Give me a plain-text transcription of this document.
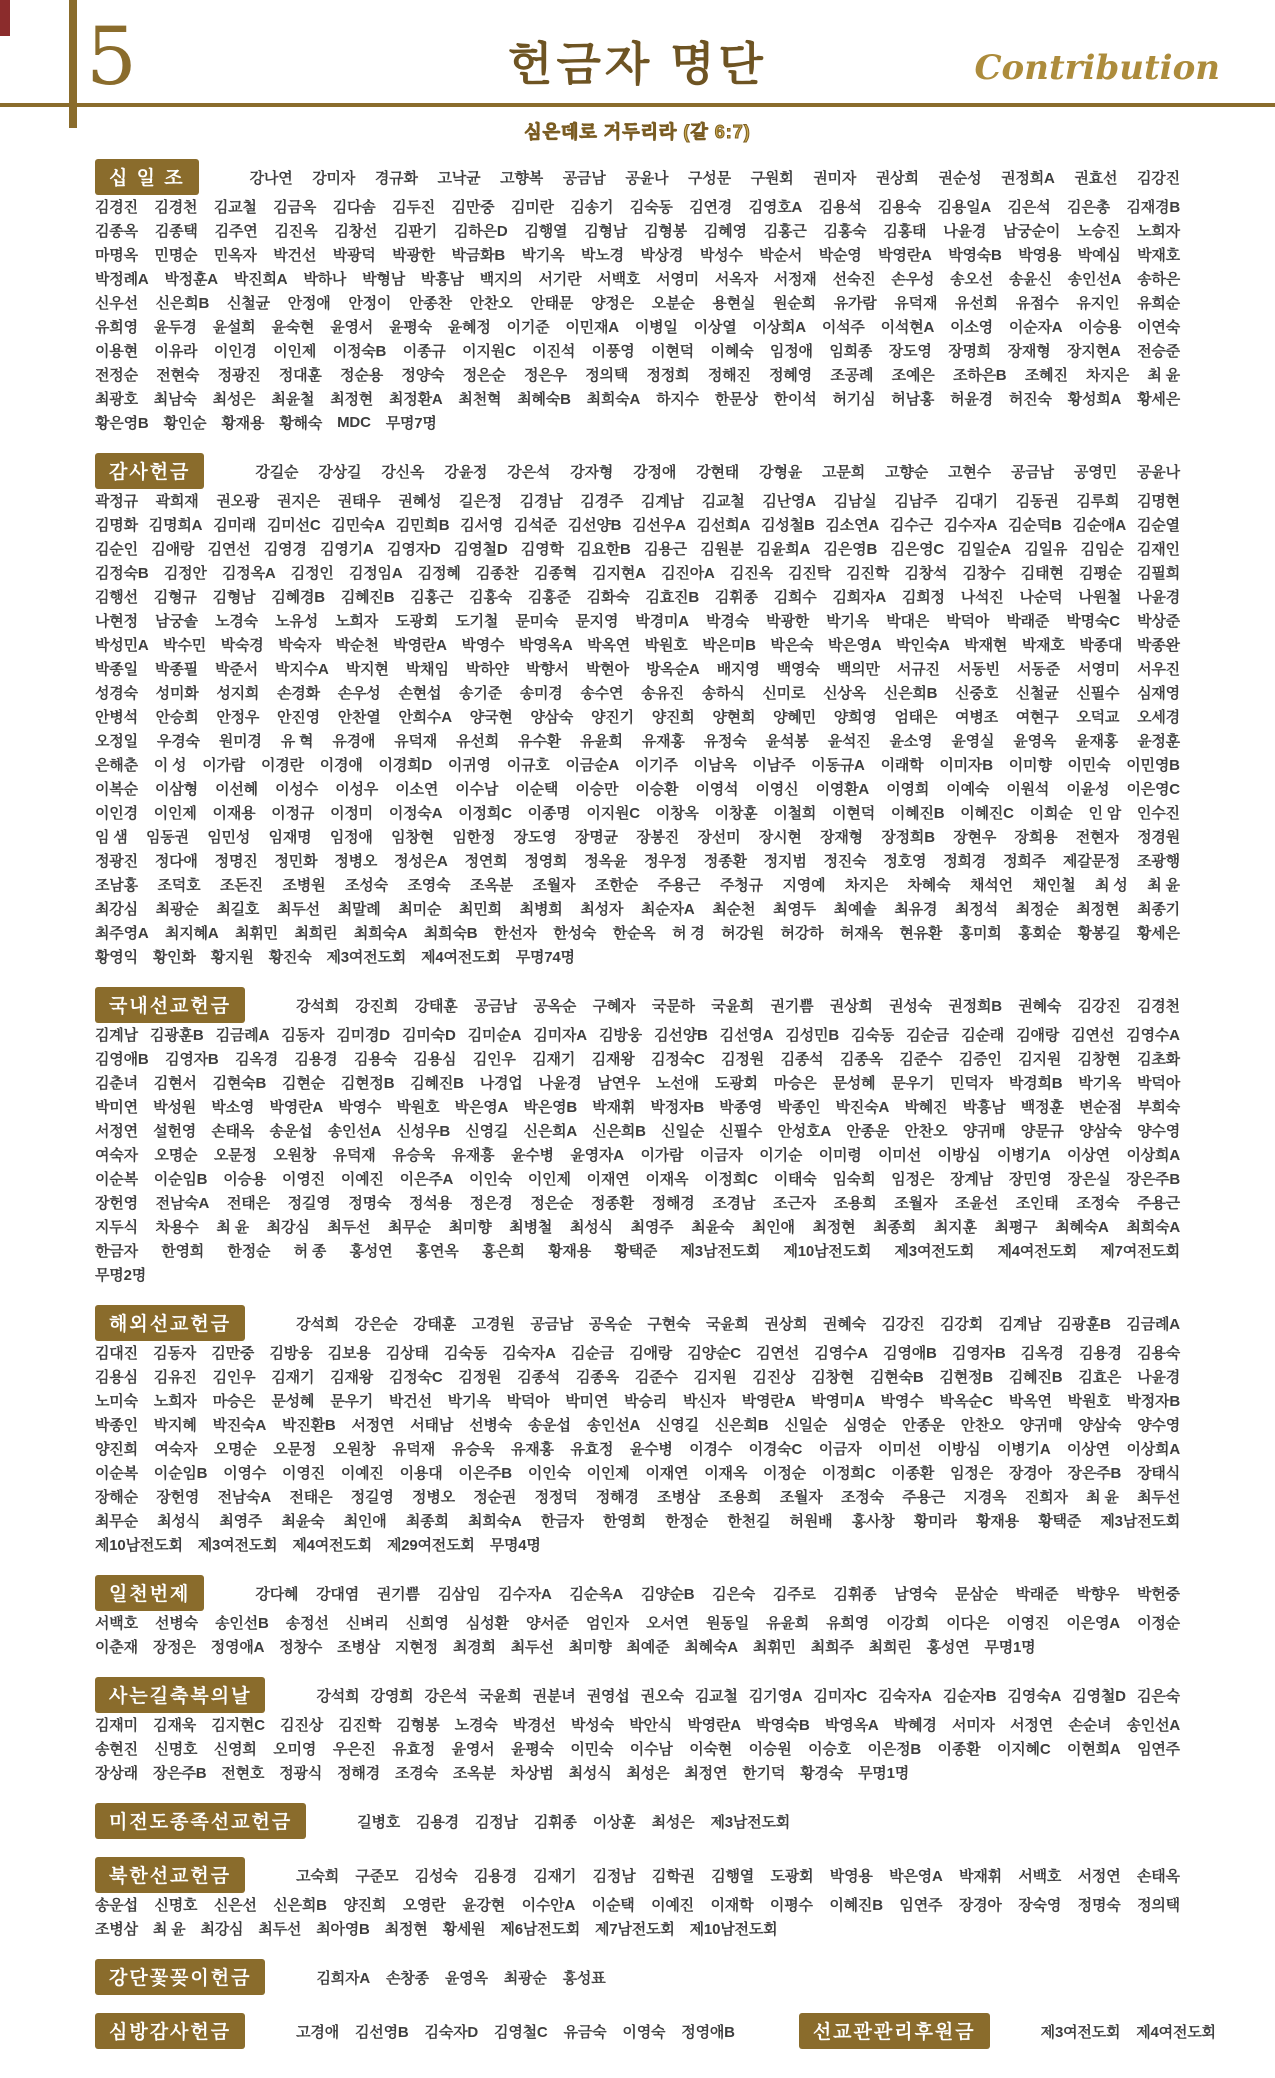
5	헌금자 명단	Contribution
심은데로 거두리라 (갈 6:7)
십 일 조	강나연 강미자 경규화 고낙균 고향복 공금남 공윤나 구성문 구원회 권미자 권상희 권순성 권정희A 권효선 김강진
김경진 김경천 김교철 김금옥 김다솜 김두진 김만중 김미란 김송기 김숙동 김연경 김영호A 김용석 김용숙 김용일A 김은석 김은총 김재경B
김종옥 김종택 김주연 김진옥 김창선 김판기 김하은D 김행열 김형남 김형봉 김혜영 김홍근 김홍숙 김홍태 나윤경 남궁순이 노승진 노희자
마명옥 민명순 민옥자 박건선 박광덕 박광한 박금화B 박기옥 박노경 박상경 박성수 박순서 박순영 박영란A 박영숙B 박영용 박예심 박재호
박정례A 박정훈A 박진희A 박하나 박형남 박흥남 백지의 서기란 서백호 서영미 서옥자 서정재 선숙진 손우성 송오선 송윤신 송인선A 송하은
신우선 신은희B 신철균 안정애 안정이 안종찬 안찬오 안태문 양정은 오분순 용현실 원순희 유가람 유덕재 유선희 유점수 유지인 유희순
유희영 윤두경 윤설희 윤숙현 윤영서 윤평숙 윤혜정 이기준 이민재A 이병일 이상열 이상희A 이석주 이석현A 이소영 이순자A 이승용 이연숙
이용현 이유라 이인경 이인제 이정숙B 이종규 이지원C 이진석 이풍영 이현덕 이혜숙 임정애 임희종 장도영 장명희 장재형 장지현A 전승준
전정순 전현숙 정광진 정대훈 정순용 정양숙 정은순 정은우 정의택 정정희 정해진 정혜영 조공례 조예은 조하은B 조혜진 차지은 최 윤
최광호 최남숙 최성은 최윤철 최정현 최정환A 최천혁 최혜숙B 최희숙A 하지수 한문상 한이석 허기심 허남홍 허윤경 허진숙 황성희A 황세은
황은영B 황인순 황재용 황해숙 MDC 무명7명
감사헌금	강길순 강상길 강신옥 강윤정 강은석 강자형 강정애 강현태 강형윤 고문희 고향순 고현수 공금남 공영민 공윤나
곽정규 곽희재 권오광 권지은 권태우 권혜성 길은정 김경남 김경주 김계남 김교철 김난영A 김남실 김남주 김대기 김동권 김루희 김명현
김명화 김명희A 김미래 김미선C 김민숙A 김민희B 김서영 김석준 김선양B 김선우A 김선희A 김성철B 김소연A 김수근 김수자A 김순덕B 김순애A 김순열
김순인 김애랑 김연선 김영경 김영기A 김영자D 김영철D 김영학 김요한B 김용근 김원분 김윤희A 김은영B 김은영C 김일순A 김일유 김임순 김재인
김정숙B 김정안 김정옥A 김정인 김정임A 김정혜 김종찬 김종혁 김지현A 김진아A 김진옥 김진탁 김진학 김창석 김창수 김태현 김평순 김필희
김행선 김형규 김형남 김혜경B 김혜진B 김홍근 김홍숙 김홍준 김화숙 김효진B 김휘종 김희수 김희자A 김희정 나석진 나순덕 나원철 나윤경
나현정 남궁솔 노경숙 노유성 노희자 도광회 도기철 문미숙 문지영 박경미A 박경숙 박광한 박기옥 박대은 박덕아 박래준 박명숙C 박상준
박성민A 박수민 박숙경 박숙자 박순천 박영란A 박영수 박영옥A 박옥연 박원호 박은미B 박은숙 박은영A 박인숙A 박재현 박재호 박종대 박종완
박종일 박종필 박준서 박지수A 박지현 박채임 박하얀 박향서 박현아 방옥순A 배지영 백영숙 백의만 서규진 서동빈 서동준 서영미 서우진
성경숙 성미화 성지희 손경화 손우성 손현섭 송기준 송미경 송수연 송유진 송하식 신미로 신상옥 신은희B 신중호 신철균 신필수 심재영
안병석 안승희 안정우 안진영 안찬열 안희수A 양국현 양삼숙 양진기 양진희 양현희 양혜민 양희영 엄태은 여병조 여현구 오덕교 오세경
오정일 우경숙 원미경 유 혁 유경애 유덕재 유선희 유수환 유윤희 유재홍 유정숙 윤석봉 윤석진 윤소영 윤영실 윤영옥 윤재홍 윤정훈
은해춘 이 성 이가람 이경란 이경애 이경희D 이귀영 이규호 이금순A 이기주 이남옥 이남주 이동규A 이래학 이미자B 이미향 이민숙 이민영B
이복순 이삼형 이선혜 이성수 이성우 이소연 이수남 이순택 이승만 이승환 이영석 이영신 이영환A 이영희 이예숙 이원석 이윤성 이은영C
이인경 이인제 이재용 이정규 이정미 이정숙A 이정희C 이종명 이지원C 이창옥 이창훈 이철희 이현덕 이혜진B 이혜진C 이희순 인 암 인수진
임 샘 임동권 임민성 임재명 임정애 임창현 임한정 장도영 장명균 장봉진 장선미 장시현 장재형 장정희B 장현우 장희용 전현자 정경원
정광진 정다애 정명진 정민화 정병오 정성은A 정연희 정영희 정옥윤 정우정 정종환 정지범 정진숙 정호영 정희경 정희주 제갈문정 조광행
조남홍 조덕호 조돈진 조병원 조성숙 조영숙 조옥분 조월자 조한순 주용근 주청규 지영예 차지은 차혜숙 채석언 채인철 최 성 최 윤
최강심 최광순 최길호 최두선 최말례 최미순 최민희 최병희 최성자 최순자A 최순천 최영두 최예솔 최유경 최정석 최정순 최정현 최종기
최주영A 최지혜A 최휘민 최희린 최희숙A 최희숙B 한선자 한성숙 한순옥 허 경 허강원 허강하 허재옥 현유환 홍미희 홍회순 황봉길 황세은
황영익 황인화 황지원 황진숙 제3여전도회 제4여전도회 무명74명
국내선교헌금	강석희 강진희 강태훈 공금남 공옥순 구혜자 국문하 국윤희 권기쁨 권상희 권성숙 권정희B 권혜숙 김강진 김경천
김계남 김광훈B 김금례A 김동자 김미경D 김미숙D 김미순A 김미자A 김방웅 김선양B 김선영A 김성민B 김숙동 김순금 김순래 김애랑 김연선 김영수A
김영애B 김영자B 김옥경 김용경 김용숙 김용심 김인우 김재기 김재왕 김정숙C 김정원 김종석 김종옥 김준수 김증인 김지원 김창현 김초화
김춘녀 김현서 김현숙B 김현순 김현정B 김혜진B 나경업 나윤경 남연우 노선애 도광회 마승은 문성혜 문우기 민덕자 박경희B 박기옥 박덕아
박미연 박성원 박소영 박영란A 박영수 박원호 박은영A 박은영B 박재휘 박정자B 박종영 박종인 박진숙A 박혜진 박흥남 백정훈 변순점 부희숙
서정연 설헌영 손태옥 송운섭 송인선A 신성우B 신영길 신은희A 신은희B 신일순 신필수 안성호A 안종운 안찬오 양귀매 양문규 양삼숙 양수영
여숙자 오명순 오문정 오원창 유덕재 유승욱 유재흥 윤수병 윤영자A 이가람 이금자 이기순 이미령 이미선 이방심 이병기A 이상연 이상희A
이순복 이순임B 이승용 이영진 이예진 이은주A 이인숙 이인제 이재연 이재옥 이정희C 이태숙 임숙희 임정은 장계남 장민영 장은실 장은주B
장헌영 전남숙A 전태은 정길영 정명숙 정석용 정은경 정은순 정종환 정해경 조경남 조근자 조용희 조월자 조윤선 조인태 조정숙 주용근
지두식 차용수 최 윤 최강심 최두선 최무순 최미향 최병철 최성식 최영주 최윤숙 최인애 최정현 최종희 최지훈 최평구 최혜숙A 최희숙A
한금자 한영희 한정순 허 종 홍성연 홍연옥 홍은희 황재용 황택준 제3남전도회 제10남전도회 제3여전도회 제4여전도회 제7여전도회
무명2명
해외선교헌금	강석희 강은순 강태훈 고경원 공금남 공옥순 구현숙 국윤희 권상희 권혜숙 김강진 김강회 김계남 김광훈B 김금례A
김대진 김동자 김만중 김방웅 김보용 김상태 김숙동 김숙자A 김순금 김애랑 김양순C 김연선 김영수A 김영애B 김영자B 김옥경 김용경 김용숙
김용심 김유진 김인우 김재기 김재왕 김정숙C 김정원 김종석 김종옥 김준수 김지원 김진상 김창현 김현숙B 김현정B 김혜진B 김효은 나윤경
노미숙 노희자 마승은 문성혜 문우기 박건선 박기옥 박덕아 박미연 박승리 박신자 박영란A 박영미A 박영수 박옥순C 박옥연 박원호 박정자B
박종인 박지혜 박진숙A 박진환B 서정연 서태남 선병숙 송운섭 송인선A 신영길 신은희B 신일순 심영순 안종운 안찬오 양귀매 양삼숙 양수영
양진희 여숙자 오명순 오문정 오원창 유덕재 유승욱 유재홍 유효정 윤수병 이경수 이경숙C 이금자 이미선 이방심 이병기A 이상연 이상희A
이순복 이순임B 이영수 이영진 이예진 이용대 이은주B 이인숙 이인제 이재연 이재옥 이정순 이정희C 이종환 임정은 장경아 장은주B 장태식
장해순 장헌영 전남숙A 전태은 정길영 정병오 정순권 정정덕 정해경 조병삼 조용희 조월자 조정숙 주용근 지경옥 진희자 최 윤 최두선
최무순 최성식 최영주 최윤숙 최인애 최종희 최희숙A 한금자 한영희 한정순 한천길 허원배 홍사창 황미라 황재용 황택준 제3남전도회
제10남전도회 제3여전도회 제4여전도회 제29여전도회 무명4명
일천번제	강다혜 강대염 권기쁨 김삼임 김수자A 김순옥A 김양순B 김은숙 김주로 김휘종 남영숙 문삼순 박래준 박향우 박헌중
서백호 선병숙 송인선B 송정선 신벼리 신희영 심성환 양서준 엄인자 오서연 원동일 유윤희 유희영 이강희 이다은 이영진 이은영A 이정순
이춘재 장정은 정영애A 정창수 조병삼 지현정 최경희 최두선 최미향 최예준 최혜숙A 최휘민 최희주 최희린 홍성연 무명1명
사는길축복의날	강석희 강영희 강은석 국윤희 권분녀 권영섭 권오숙 김교철 김기영A 김미자C 김숙자A 김순자B 김영숙A 김영철D 김은숙
김재미 김재욱 김지현C 김진상 김진학 김형봉 노경숙 박경선 박성숙 박안식 박영란A 박영숙B 박영옥A 박혜경 서미자 서정연 손순녀 송인선A
송현진 신명호 신영희 오미영 우은진 유효정 윤영서 윤평숙 이민숙 이수남 이숙현 이승원 이승호 이은정B 이종환 이지혜C 이현희A 임연주
장상래 장은주B 전현호 정광식 정해경 조경숙 조옥분 차상범 최성식 최성은 최정연 한기덕 황경숙 무명1명
미전도종족선교헌금	길병호 김용경 김정남 김휘종 이상훈 최성은 제3남전도회
북한선교헌금	고숙희 구준모 김성숙 김용경 김재기 김정남 김학권 김행열 도광회 박영용 박은영A 박재휘 서백호 서정연 손태옥
송운섭 신명호 신은선 신은희B 양진희 오영란 윤강현 이수안A 이순택 이예진 이재학 이평수 이혜진B 임연주 장경아 장숙영 정명숙 정의택
조병삼 최 윤 최강심 최두선 최아영B 최정현 황세원 제6남전도회 제7남전도회 제10남전도회
강단꽃꽂이헌금	김희자A 손창종 윤영옥 최광순 홍성표
심방감사헌금	고경애 김선영B 김숙자D 김영철C 유금숙 이영숙 정영애B	선교관관리후원금	제3여전도회 제4여전도회
